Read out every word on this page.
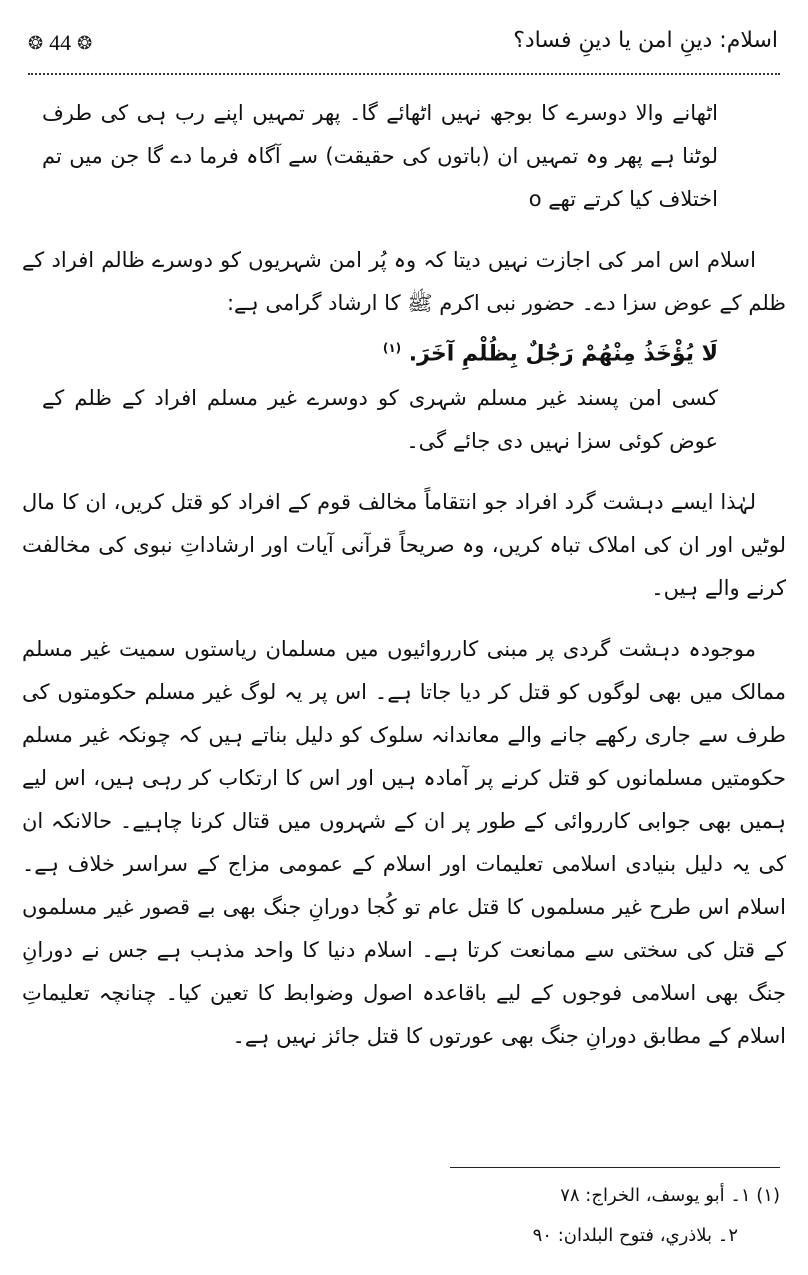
❂ 44 ❂	اسلام: دینِ امن یا دینِ فساد؟

اٹھانے والا دوسرے کا بوجھ نہیں اٹھائے گا۔ پھر تمہیں اپنے رب ہی کی طرف لوٹنا ہے پھر وہ تمہیں ان (باتوں کی حقیقت) سے آگاہ فرما دے گا جن میں تم اختلاف کیا کرتے تھے o

اسلام اس امر کی اجازت نہیں دیتا کہ وہ پُر امن شہریوں کو دوسرے ظالم افراد کے ظلم کے عوض سزا دے۔ حضور نبی اکرم ﷺ کا ارشاد گرامی ہے:

لَا يُؤْخَذُ مِنْهُمْ رَجُلٌ بِظُلْمِ آخَرَ. $^{(١)}$

کسی امن پسند غیر مسلم شہری کو دوسرے غیر مسلم افراد کے ظلم کے عوض کوئی سزا نہیں دی جائے گی۔

لہٰذا ایسے دہشت گرد افراد جو انتقاماً مخالف قوم کے افراد کو قتل کریں، ان کا مال لوٹیں اور ان کی املاک تباہ کریں، وہ صریحاً قرآنی آیات اور ارشاداتِ نبوی کی مخالفت کرنے والے ہیں۔

موجودہ دہشت گردی پر مبنی کارروائیوں میں مسلمان ریاستوں سمیت غیر مسلم ممالک میں بھی لوگوں کو قتل کر دیا جاتا ہے۔ اس پر یہ لوگ غیر مسلم حکومتوں کی طرف سے جاری رکھے جانے والے معاندانہ سلوک کو دلیل بناتے ہیں کہ چونکہ غیر مسلم حکومتیں مسلمانوں کو قتل کرنے پر آمادہ ہیں اور اس کا ارتکاب کر رہی ہیں، اس لیے ہمیں بھی جوابی کارروائی کے طور پر ان کے شہروں میں قتال کرنا چاہیے۔ حالانکہ ان کی یہ دلیل بنیادی اسلامی تعلیمات اور اسلام کے عمومی مزاج کے سراسر خلاف ہے۔ اسلام اس طرح غیر مسلموں کا قتل عام تو کُجا دورانِ جنگ بھی بے قصور غیر مسلموں کے قتل کی سختی سے ممانعت کرتا ہے۔ اسلام دنیا کا واحد مذہب ہے جس نے دورانِ جنگ بھی اسلامی فوجوں کے لیے باقاعدہ اصول وضوابط کا تعین کیا۔ چنانچہ تعلیماتِ اسلام کے مطابق دورانِ جنگ بھی عورتوں کا قتل جائز نہیں ہے۔

(١) ١۔ أبو يوسف، الخراج: ٧٨
٢۔ بلاذري، فتوح البلدان: ٩٠
